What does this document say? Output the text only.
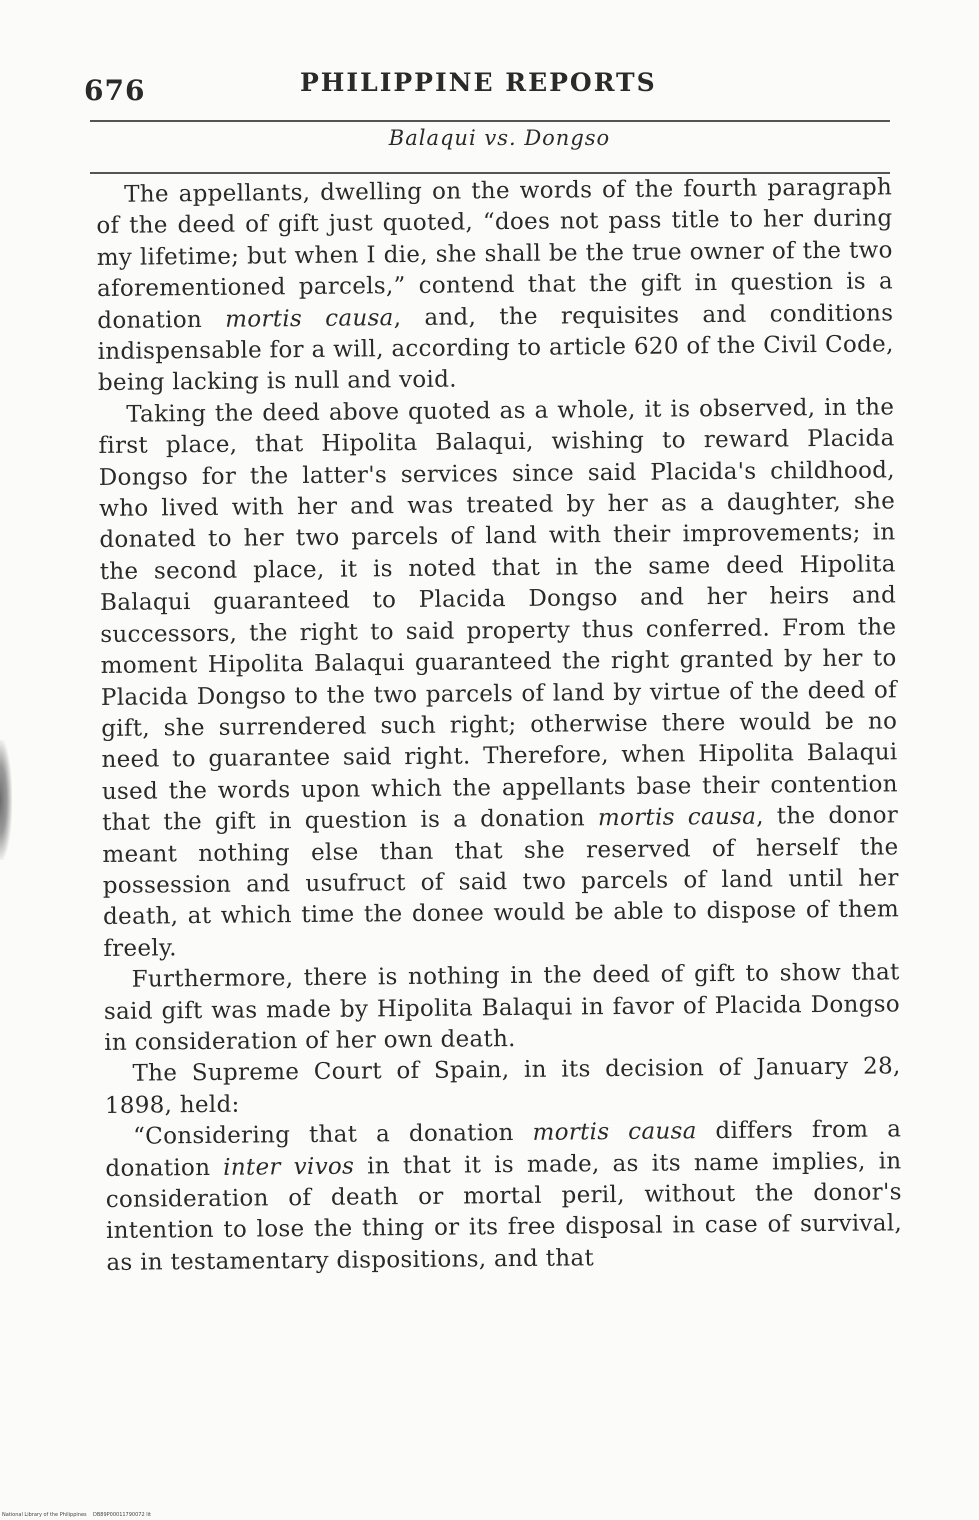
676	PHILIPPINE REPORTS
Balaqui vs. Dongso

The appellants, dwelling on the words of the fourth paragraph of the deed of gift just quoted, “does not pass title to her during my lifetime; but when I die, she shall be the true owner of the two aforementioned parcels,” contend that the gift in question is a donation mortis causa, and, the requisites and conditions indispensable for a will, according to article 620 of the Civil Code, being lacking is null and void.

Taking the deed above quoted as a whole, it is observed, in the first place, that Hipolita Balaqui, wishing to reward Placida Dongso for the latter's services since said Placida's childhood, who lived with her and was treated by her as a daughter, she donated to her two parcels of land with their improvements; in the second place, it is noted that in the same deed Hipolita Balaqui guaranteed to Placida Dongso and her heirs and successors, the right to said property thus conferred. From the moment Hipolita Balaqui guaranteed the right granted by her to Placida Dongso to the two parcels of land by virtue of the deed of gift, she surrendered such right; otherwise there would be no need to guarantee said right. Therefore, when Hipolita Balaqui used the words upon which the appellants base their contention that the gift in question is a donation mortis causa, the donor meant nothing else than that she reserved of herself the possession and usufruct of said two parcels of land until her death, at which time the donee would be able to dispose of them freely.

Furthermore, there is nothing in the deed of gift to show that said gift was made by Hipolita Balaqui in favor of Placida Dongso in consideration of her own death.

The Supreme Court of Spain, in its decision of January 28, 1898, held:

“Considering that a donation mortis causa differs from a donation inter vivos in that it is made, as its name implies, in consideration of death or mortal peril, without the donor's intention to lose the thing or its free disposal in case of survival, as in testamentary dispositions, and that

National Library of the Philippines    DB89P00011790072 lit
